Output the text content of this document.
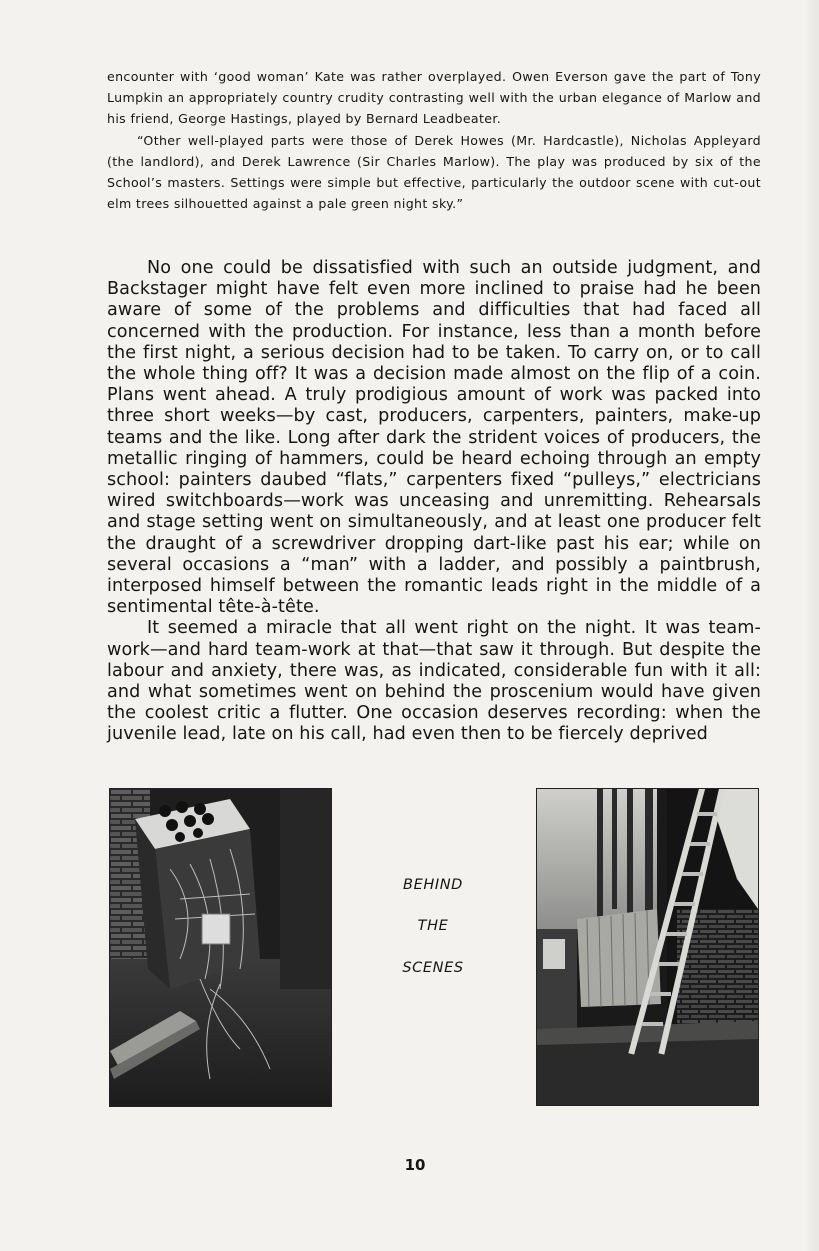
encounter with ‘good woman’ Kate was rather overplayed. Owen Everson gave the part of Tony Lumpkin an appropriately country crudity contrasting well with the urban elegance of Marlow and his friend, George Hastings, played by Bernard Leadbeater.

“Other well-played parts were those of Derek Howes (Mr. Hardcastle), Nicholas Appleyard (the landlord), and Derek Lawrence (Sir Charles Marlow). The play was produced by six of the School’s masters. Settings were simple but effective, particularly the outdoor scene with cut-out elm trees silhouetted against a pale green night sky.”

No one could be dissatisfied with such an outside judgment, and Backstager might have felt even more inclined to praise had he been aware of some of the problems and difficulties that had faced all concerned with the production. For instance, less than a month before the first night, a serious decision had to be taken. To carry on, or to call the whole thing off? It was a decision made almost on the flip of a coin. Plans went ahead. A truly prodigious amount of work was packed into three short weeks—by cast, producers, carpenters, painters, make-up teams and the like. Long after dark the strident voices of producers, the metallic ringing of hammers, could be heard echoing through an empty school: painters daubed “flats,” carpenters fixed “pulleys,” electricians wired switchboards—work was unceasing and unremitting. Rehearsals and stage setting went on simultaneously, and at least one producer felt the draught of a screwdriver dropping dart-like past his ear; while on several occasions a “man” with a ladder, and possibly a paintbrush, interposed himself between the romantic leads right in the middle of a sentimental tête-à-tête.

It seemed a miracle that all went right on the night. It was team-work—and hard team-work at that—that saw it through. But despite the labour and anxiety, there was, as indicated, considerable fun with it all: and what sometimes went on behind the proscenium would have given the coolest critic a flutter. One occasion deserves recording: when the juvenile lead, late on his call, had even then to be fiercely deprived

BEHIND
THE
SCENES
10
